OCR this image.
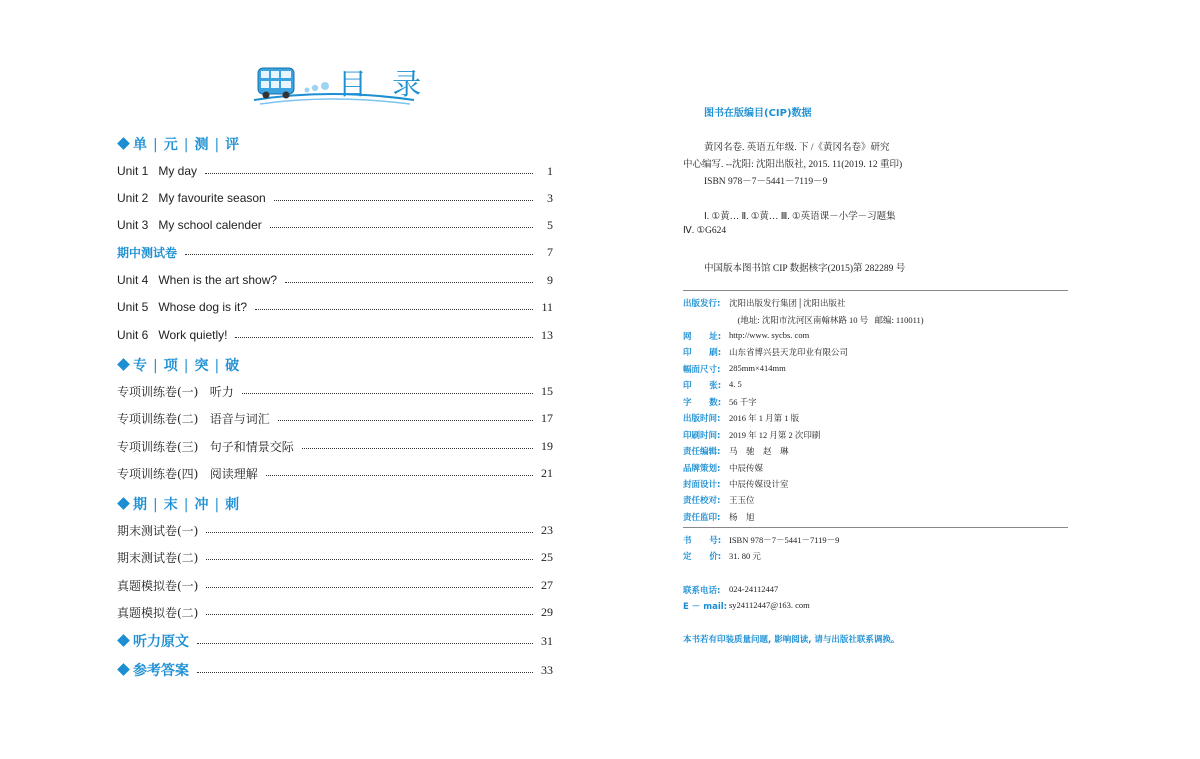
目 录
单 | 元 | 测 | 评
Unit 1   My day	1
Unit 2   My favourite season	3
Unit 3   My school calender	5
期中测试卷	7
Unit 4   When is the art show?	9
Unit 5   Whose dog is it?	11
Unit 6   Work quietly!	13
专 | 项 | 突 | 破
专项训练卷(一)   听力	15
专项训练卷(二)   语音与词汇	17
专项训练卷(三)   句子和情景交际	19
专项训练卷(四)   阅读理解	21
期 | 末 | 冲 | 刺
期末测试卷(一)	23
期末测试卷(二)	25
真题模拟卷(一)	27
真题模拟卷(二)	29
听力原文	31
参考答案	33
图书在版编目(CIP)数据
黄冈名卷. 英语五年级. 下 /《黄冈名卷》研究
中心编写. --沈阳: 沈阳出版社, 2015. 11(2019. 12 重印)
ISBN 978－7－5441－7119－9
Ⅰ. ①黄… Ⅱ. ①黄… Ⅲ. ①英语课－小学－习题集
Ⅳ. ①G624
中国版本图书馆 CIP 数据核字(2015)第 282289 号
出版发行:	沈阳出版发行集团│沈阳出版社
(地址: 沈阳市沈河区南翰林路 10 号   邮编: 110011)
网      址: http://www. sycbs. com
印      刷: 山东省博兴县天龙印业有限公司
幅面尺寸:	285mm×414mm
印      张: 4. 5
字      数: 56 千字
出版时间:	2016 年 1 月第 1 版
印刷时间:	2019 年 12 月第 2 次印刷
责任编辑:	马    驰    赵    琳
品牌策划:	中辰传媒
封面设计:	中辰传媒设计室
责任校对:	王玉位
责任监印:	杨    旭
书      号: ISBN 978－7－5441－7119－9
定      价: 31. 80 元
联系电话:	024-24112447
E － mail: sy24112447@163. com
本书若有印装质量问题, 影响阅读, 请与出版社联系调换。
